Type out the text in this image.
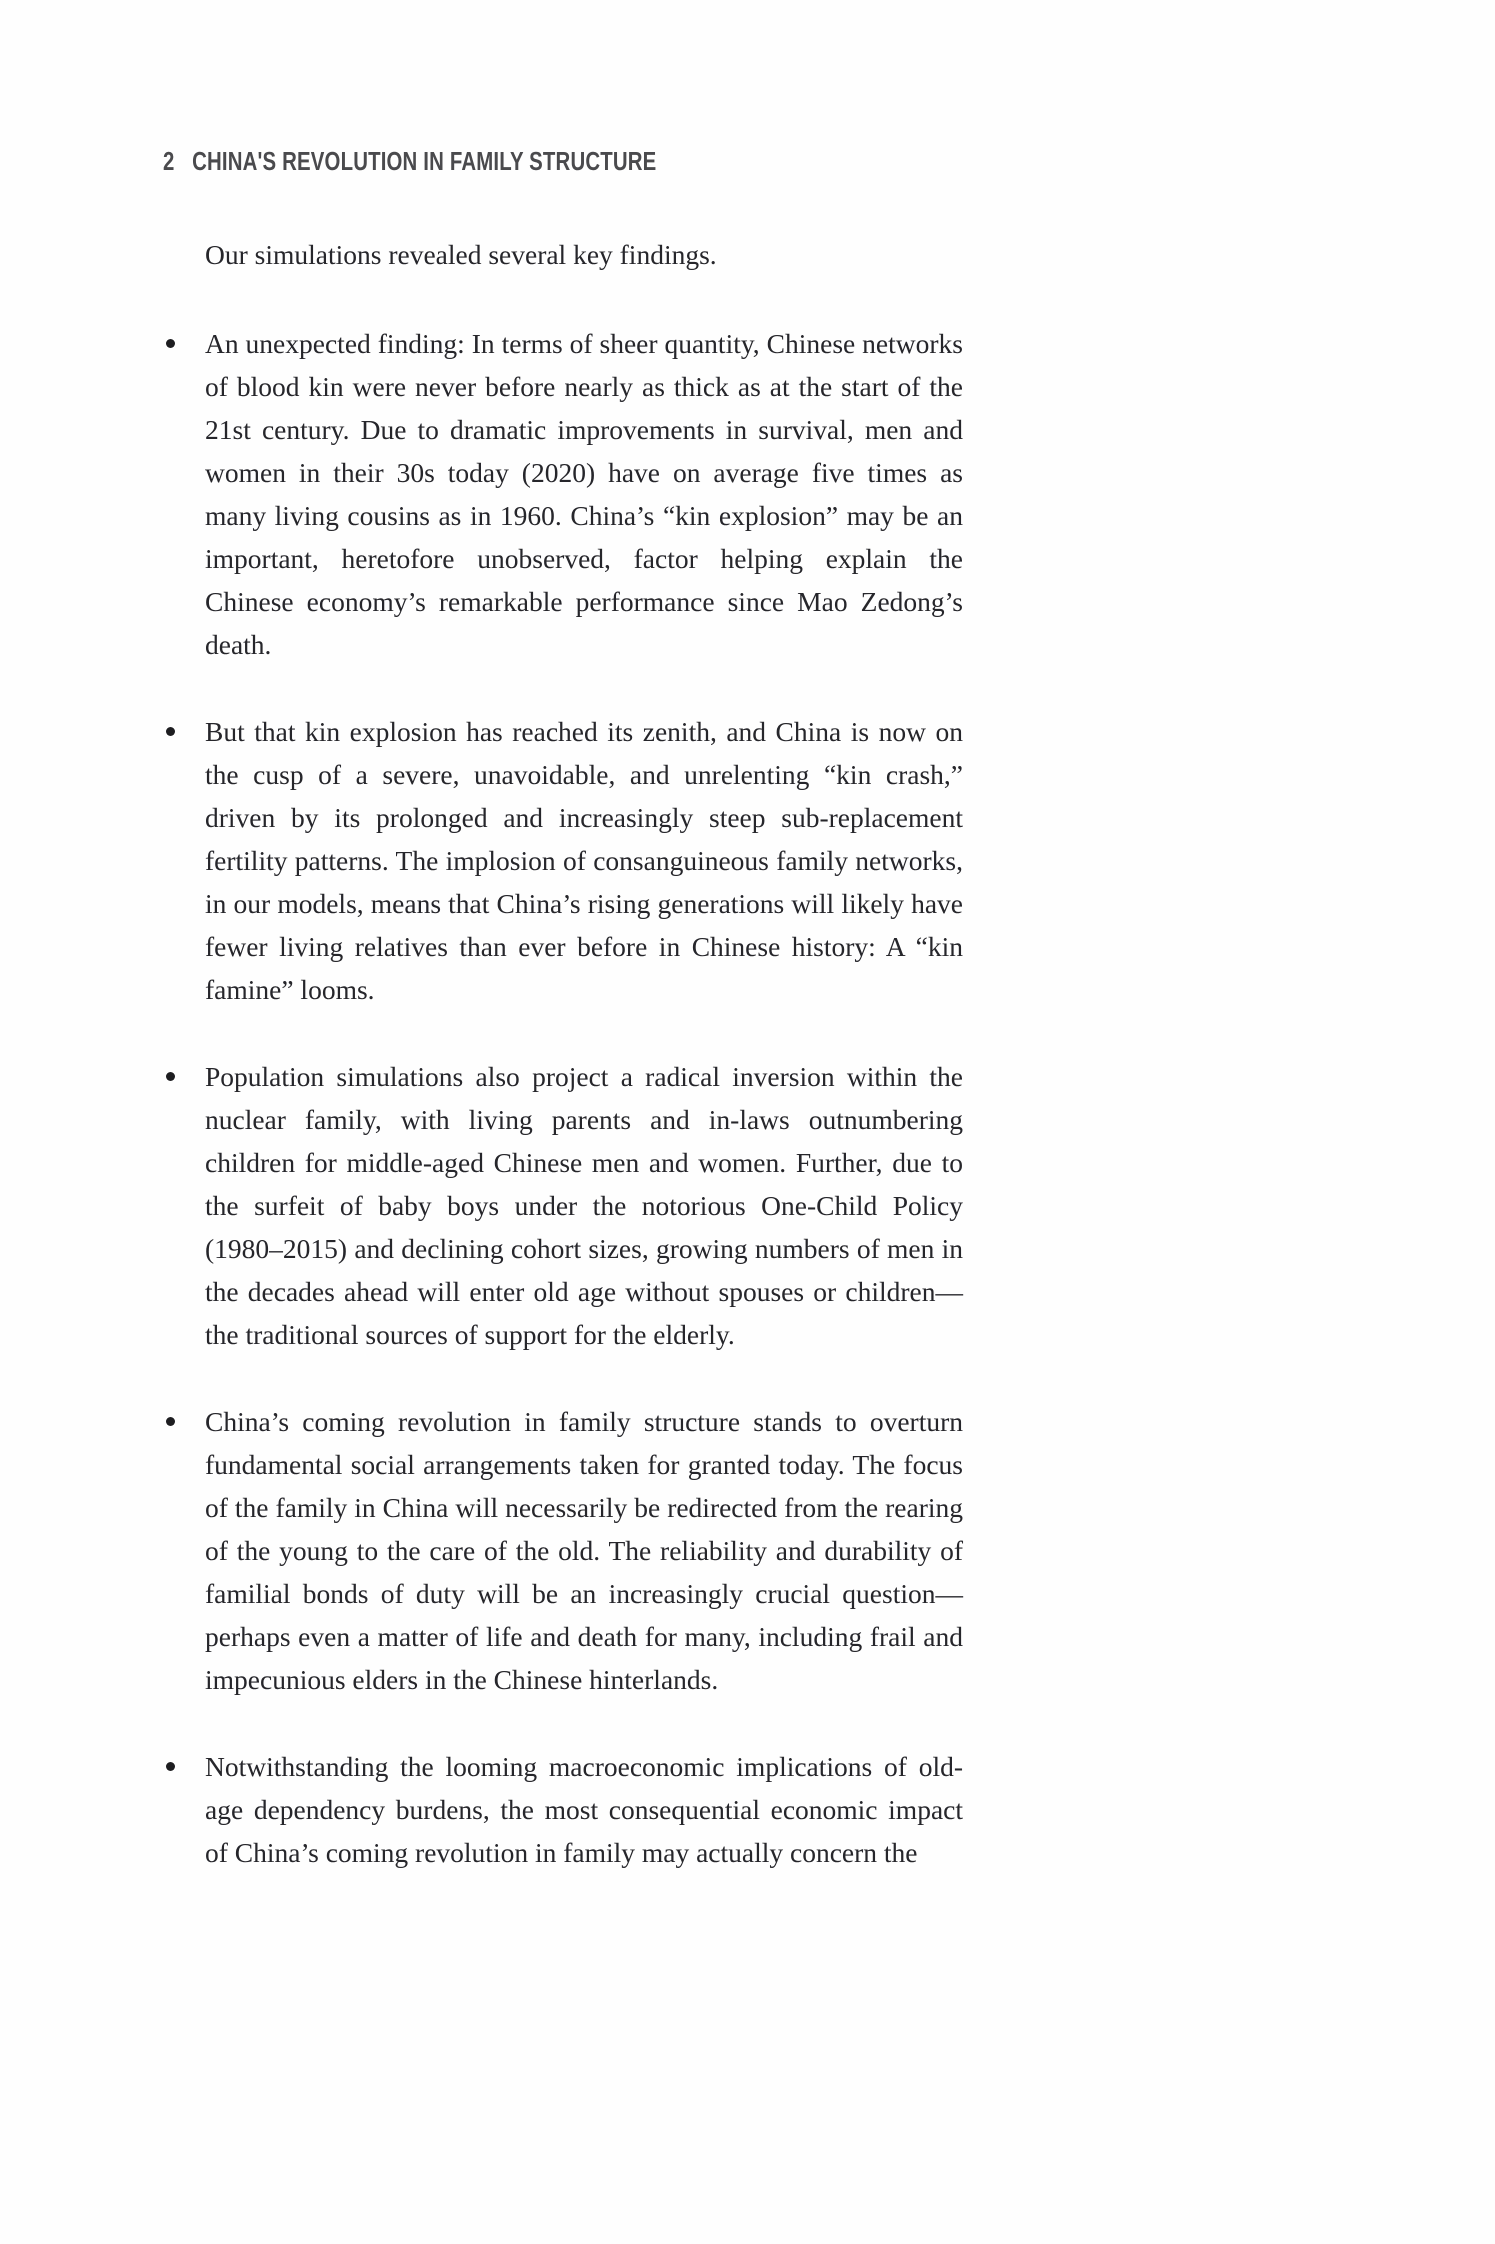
2 CHINA'S REVOLUTION IN FAMILY STRUCTURE

Our simulations revealed several key findings.

An unexpected finding: In terms of sheer quantity, Chinese networks of blood kin were never before nearly as thick as at the start of the 21st century. Due to dramatic improvements in survival, men and women in their 30s today (2020) have on average five times as many living cousins as in 1960. China’s “kin explosion” may be an important, heretofore unobserved, factor helping explain the Chinese economy’s remarkable performance since Mao Zedong’s death.
But that kin explosion has reached its zenith, and China is now on the cusp of a severe, unavoidable, and unrelenting “kin crash,” driven by its prolonged and increasingly steep sub-replacement fertility patterns. The implosion of consanguineous family networks, in our models, means that China’s rising generations will likely have fewer living relatives than ever before in Chinese history: A “kin famine” looms.
Population simulations also project a radical inversion within the nuclear family, with living parents and in-laws outnumbering children for middle-aged Chinese men and women. Further, due to the surfeit of baby boys under the notorious One-Child Policy (1980–2015) and declining cohort sizes, growing numbers of men in the decades ahead will enter old age without spouses or children—the traditional sources of support for the elderly.
China’s coming revolution in family structure stands to overturn fundamental social arrangements taken for granted today. The focus of the family in China will necessarily be redirected from the rearing of the young to the care of the old. The reliability and durability of familial bonds of duty will be an increasingly crucial question—perhaps even a matter of life and death for many, including frail and impecunious elders in the Chinese hinterlands.
Notwithstanding the looming macroeconomic implications of old-age dependency burdens, the most consequential economic impact of China’s coming revolution in family may actually concern the
